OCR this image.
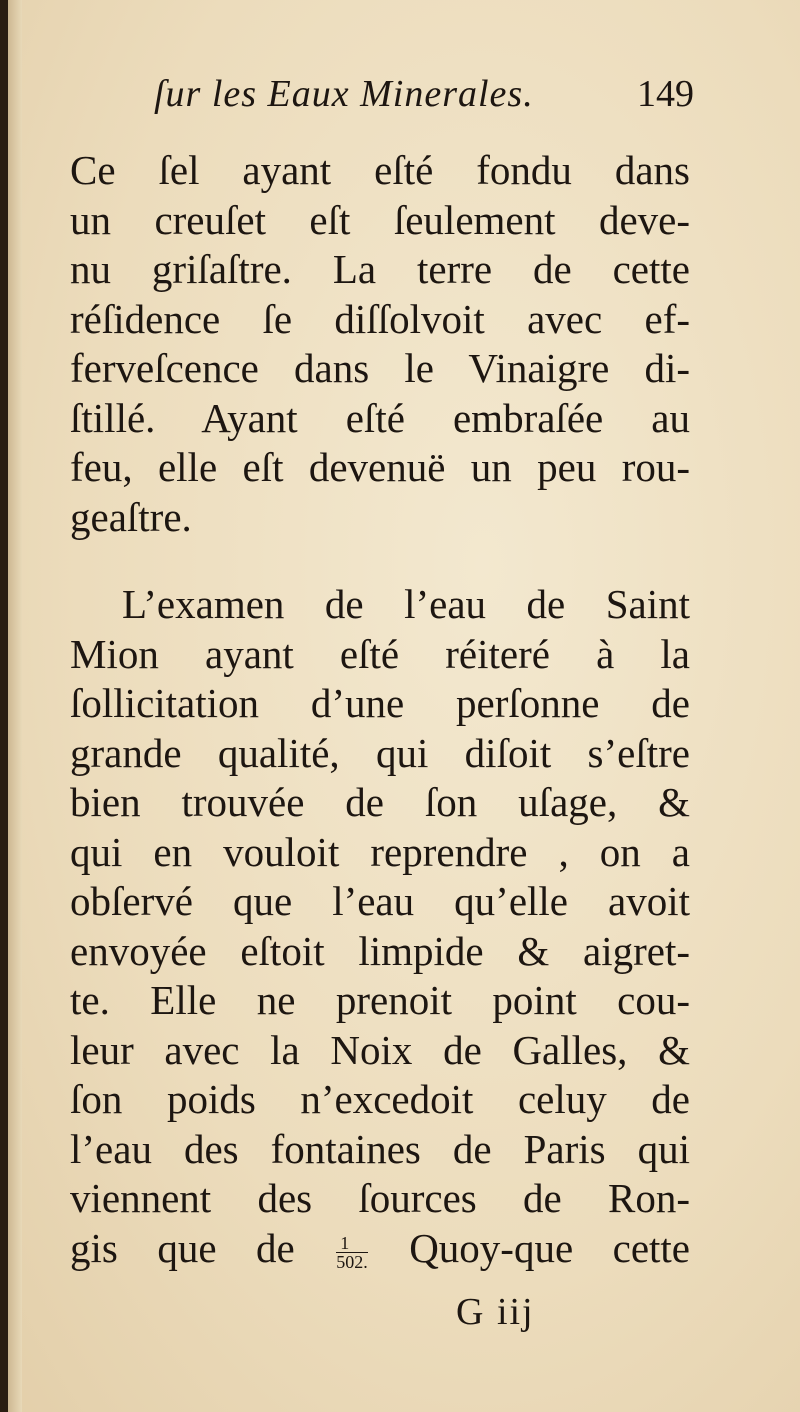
ſur les Eaux Minerales.	149
Ce ſel ayant eſté fondu dans
un creuſet eſt ſeulement deve-
nu griſaſtre. La terre de cette
réſidence ſe diſſolvoit avec ef-
ferveſcence dans le Vinaigre di-
ſtillé. Ayant eſté embraſée au
feu, elle eſt devenuë un peu rou-
geaſtre.
L’examen de l’eau de Saint
Mion ayant eſté réiteré à la
ſollicitation d’une perſonne de
grande qualité, qui diſoit s’eſtre
bien trouvée de ſon uſage, &
qui en vouloit reprendre , on a
obſervé que l’eau qu’elle avoit
envoyée eſtoit limpide & aigret-
te. Elle ne prenoit point cou-
leur avec la Noix de Galles, &
ſon poids n’excedoit celuy de
l’eau des fontaines de Paris qui
viennent des ſources de Ron-
gis que de $\frac{1}{502.}$ Quoy-que cette
G iij
